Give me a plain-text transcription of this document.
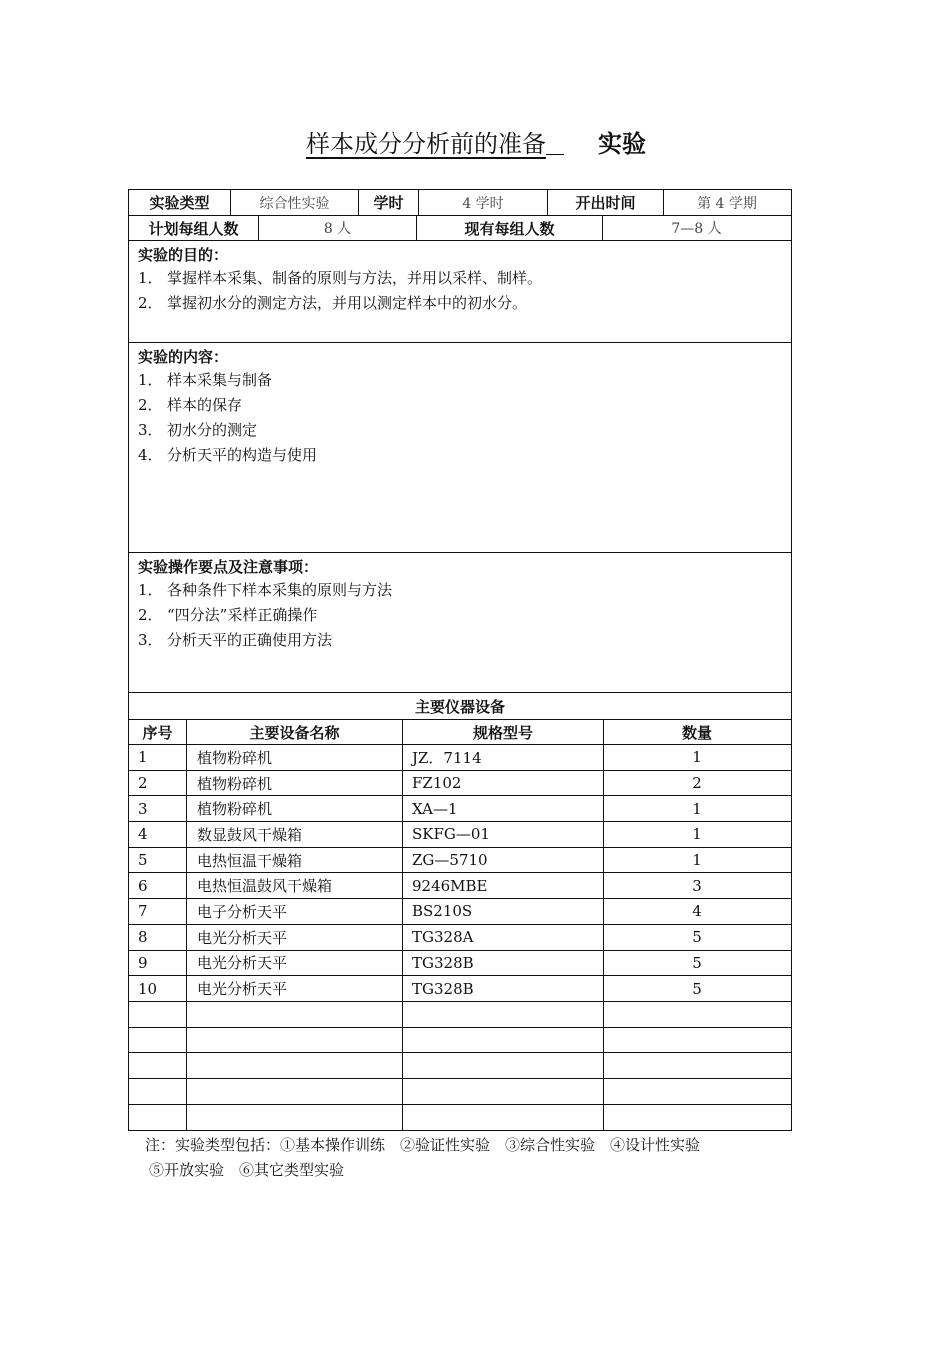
样本成分分析前的准备 实验
实验类型	综合性实验	学时	4 学时	开出时间	第 4 学期
计划每组人数	8 人	现有每组人数	7—8 人
实验的目的：
1． 掌握样本采集、制备的原则与方法，并用以采样、制样。
2． 掌握初水分的测定方法，并用以测定样本中的初水分。
实验的内容：
1． 样本采集与制备
2． 样本的保存
3． 初水分的测定
4． 分析天平的构造与使用
实验操作要点及注意事项：
1． 各种条件下样本采集的原则与方法
2． “四分法”采样正确操作
3． 分析天平的正确使用方法
主要仪器设备
序号	主要设备名称	规格型号	数量
1	植物粉碎机	JZ．7114	1
2	植物粉碎机	FZ102	2
3	植物粉碎机	XA—1	1
4	数显鼓风干燥箱	SKFG—01	1
5	电热恒温干燥箱	ZG—5710	1
6	电热恒温鼓风干燥箱	9246MBE	3
7	电子分析天平	BS210S	4
8	电光分析天平	TG328A	5
9	电光分析天平	TG328B	5
10	电光分析天平	TG328B	5
注：实验类型包括：①基本操作训练　②验证性实验　③综合性实验　④设计性实验
⑤开放实验　⑥其它类型实验
